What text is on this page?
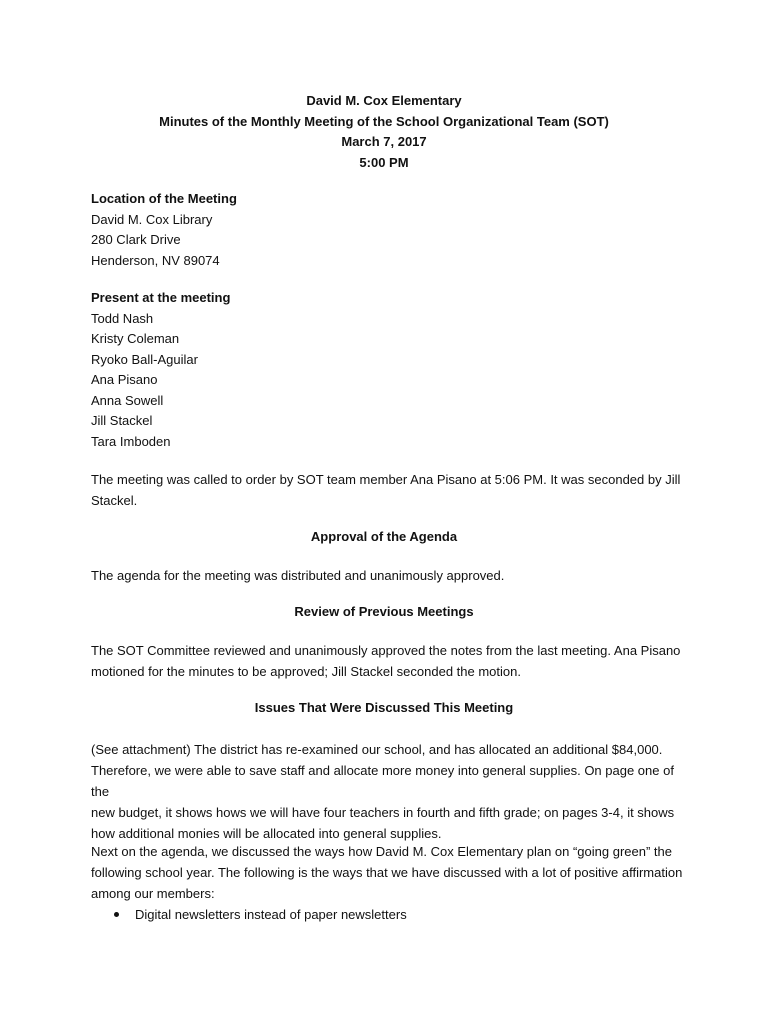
David M. Cox Elementary
Minutes of the Monthly Meeting of the School Organizational Team (SOT)
March 7, 2017
5:00 PM
Location of the Meeting
David M. Cox Library
280 Clark Drive
Henderson, NV 89074
Present at the meeting
Todd Nash
Kristy Coleman
Ryoko Ball-Aguilar
Ana Pisano
Anna Sowell
Jill Stackel
Tara Imboden
The meeting was called to order by SOT team member Ana Pisano at 5:06 PM. It was seconded by Jill
Stackel.
Approval of the Agenda
The agenda for the meeting was distributed and unanimously approved.
Review of Previous Meetings
The SOT Committee reviewed and unanimously approved the notes from the last meeting. Ana Pisano
motioned for the minutes to be approved; Jill Stackel seconded the motion.
Issues That Were Discussed This Meeting
(See attachment) The district has re-examined our school, and has allocated an additional $84,000.
Therefore, we were able to save staff and allocate more money into general supplies. On page one of the
new budget, it shows hows we will have four teachers in fourth and fifth grade; on pages 3-4, it shows
how additional monies will be allocated into general supplies.
Next on the agenda, we discussed the ways how David M. Cox Elementary plan on “going green” the
following school year. The following is the ways that we have discussed with a lot of positive affirmation
among our members:
Digital newsletters instead of paper newsletters
